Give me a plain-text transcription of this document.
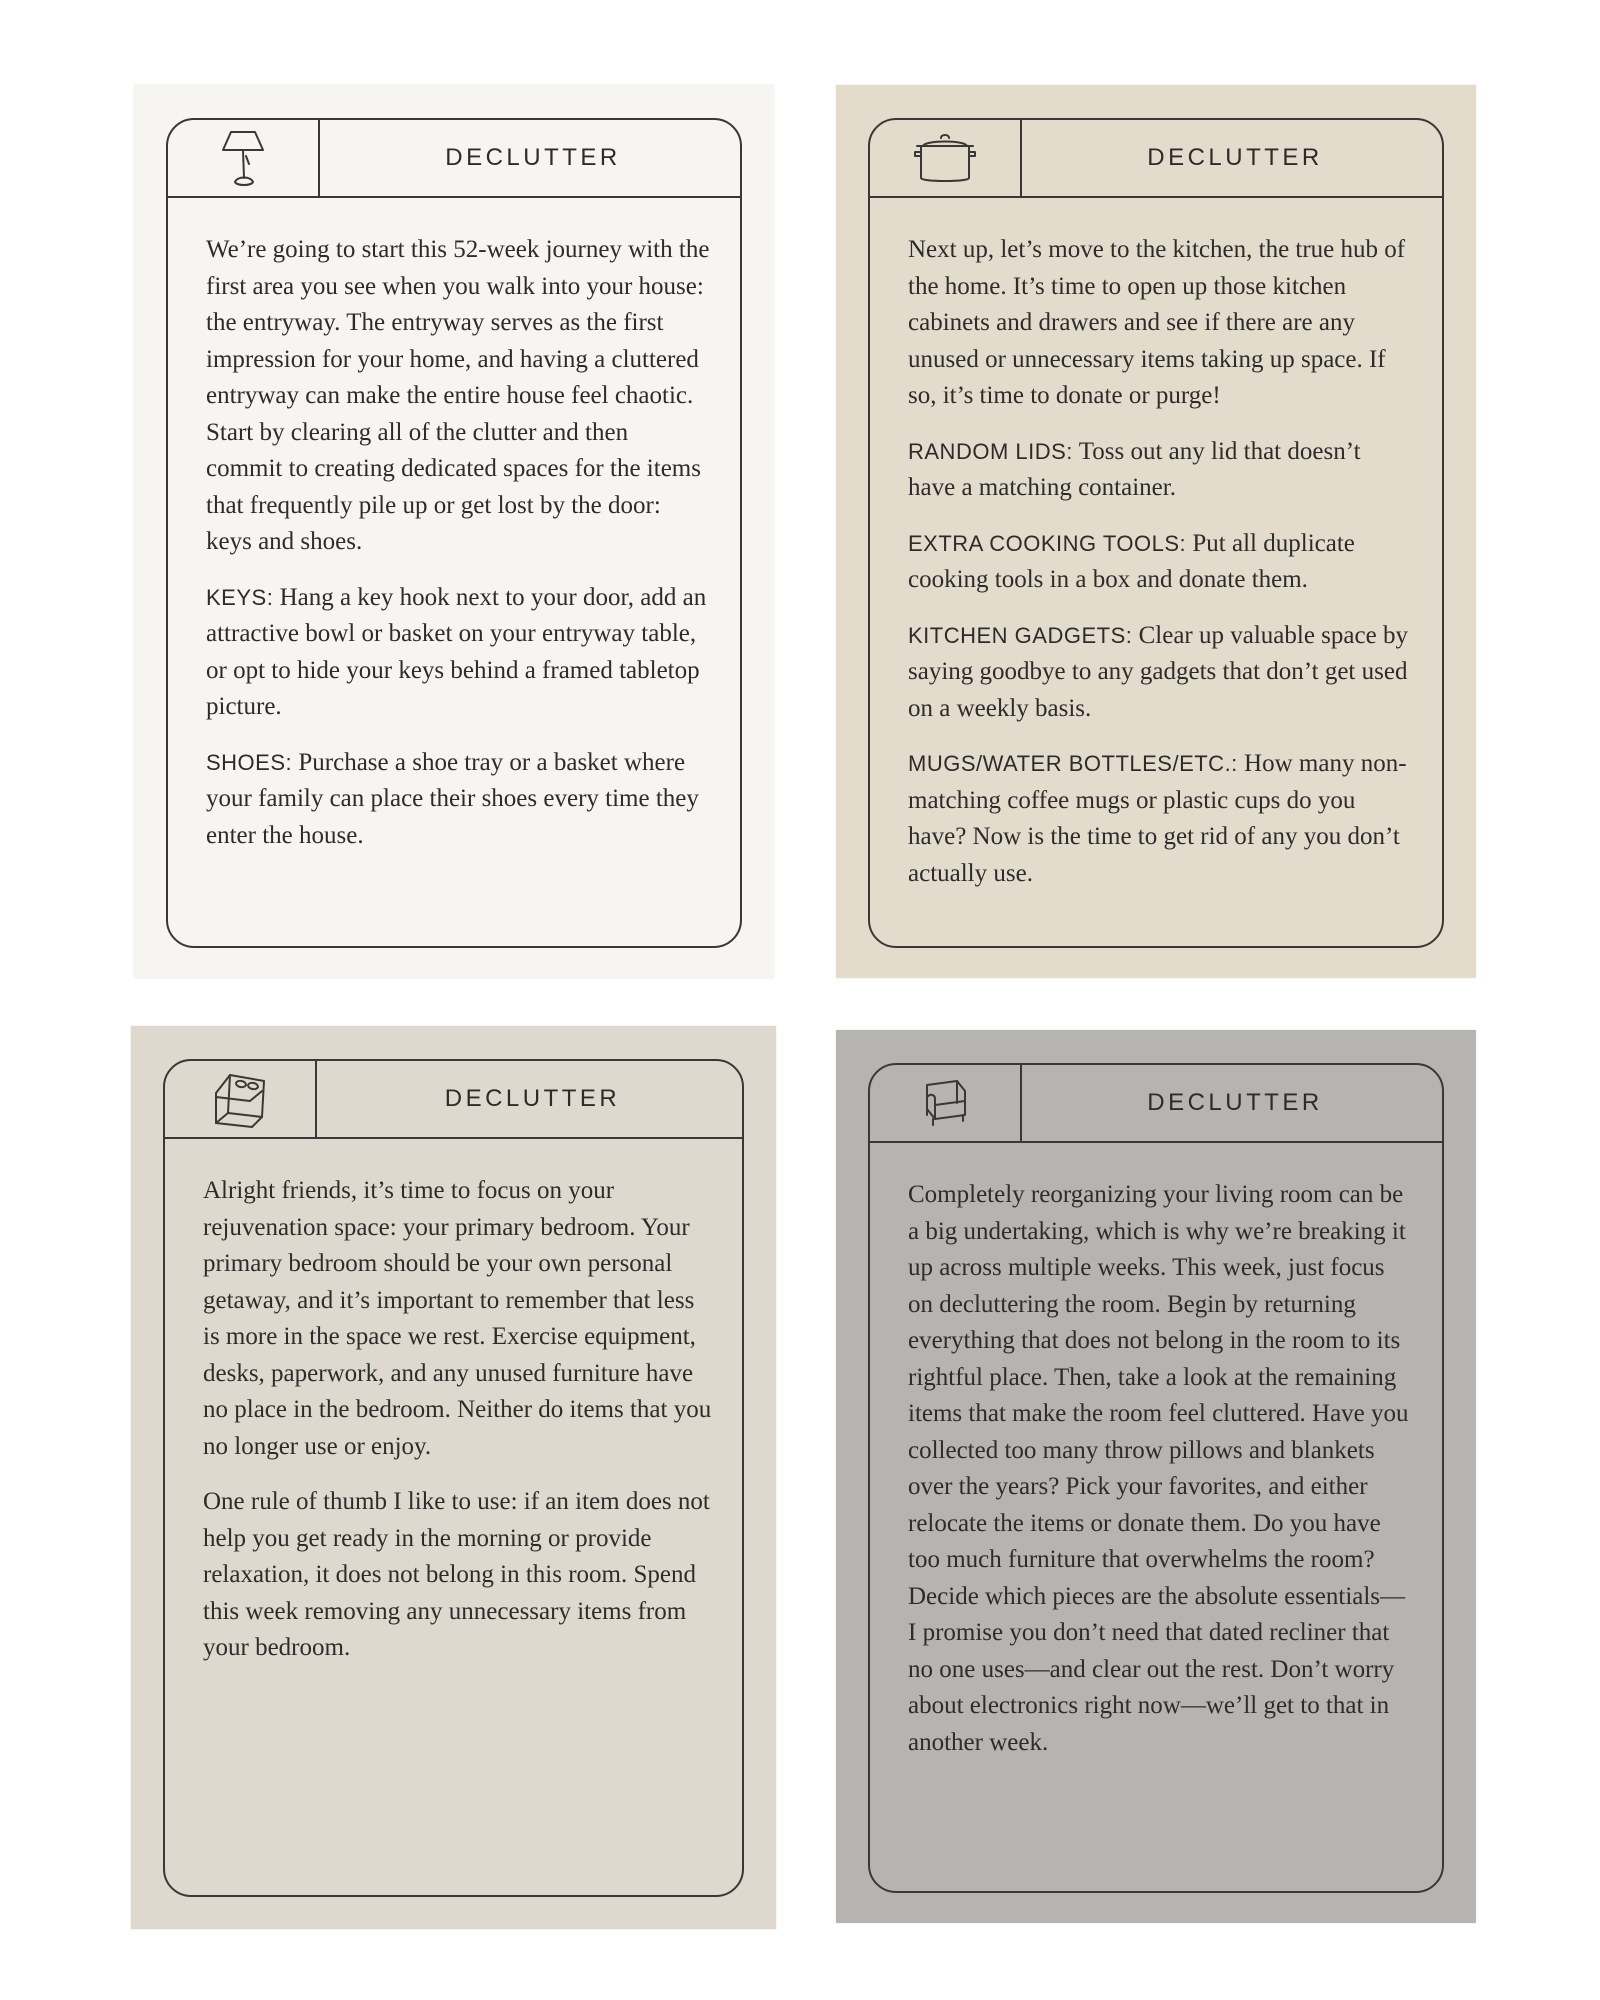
DECLUTTER

We’re going to start this 52-week journey with the first area you see when you walk into your house: the entryway. The entryway serves as the first impression for your home, and having a cluttered entryway can make the entire house feel chaotic. Start by clearing all of the clutter and then commit to creating dedicated spaces for the items that frequently pile up or get lost by the door: keys and shoes.

KEYS: Hang a key hook next to your door, add an attractive bowl or basket on your entryway table, or opt to hide your keys behind a framed tabletop picture.

SHOES: Purchase a shoe tray or a basket where your family can place their shoes every time they enter the house.

DECLUTTER

Next up, let’s move to the kitchen, the true hub of the home. It’s time to open up those kitchen cabinets and drawers and see if there are any unused or unnecessary items taking up space. If so, it’s time to donate or purge!

RANDOM LIDS: Toss out any lid that doesn’t have a matching container.

EXTRA COOKING TOOLS: Put all duplicate cooking tools in a box and donate them.

KITCHEN GADGETS: Clear up valuable space by saying goodbye to any gadgets that don’t get used on a weekly basis.

MUGS/WATER BOTTLES/ETC.: How many non-matching coffee mugs or plastic cups do you have? Now is the time to get rid of any you don’t actually use.

DECLUTTER

Alright friends, it’s time to focus on your rejuvenation space: your primary bedroom. Your primary bedroom should be your own personal getaway, and it’s important to remember that less is more in the space we rest. Exercise equipment, desks, paperwork, and any unused furniture have no place in the bedroom. Neither do items that you no longer use or enjoy.

One rule of thumb I like to use: if an item does not help you get ready in the morning or provide relaxation, it does not belong in this room. Spend this week removing any unnecessary items from your bedroom.

DECLUTTER

Completely reorganizing your living room can be a big undertaking, which is why we’re breaking it up across multiple weeks. This week, just focus on decluttering the room. Begin by returning everything that does not belong in the room to its rightful place. Then, take a look at the remaining items that make the room feel cluttered. Have you collected too many throw pillows and blankets over the years? Pick your favorites, and either relocate the items or donate them. Do you have too much furniture that overwhelms the room? Decide which pieces are the absolute essentials—I promise you don’t need that dated recliner that no one uses—and clear out the rest. Don’t worry about electronics right now—we’ll get to that in another week.
